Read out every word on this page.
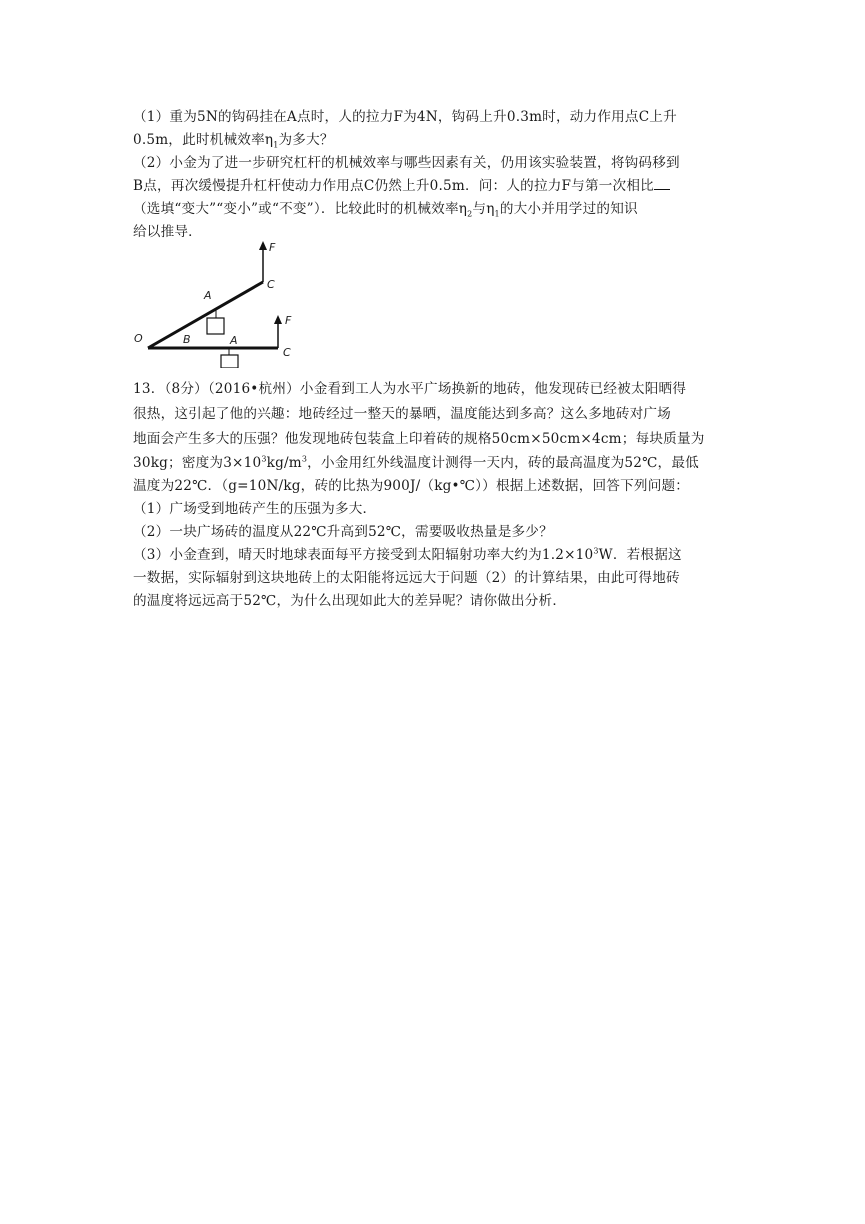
（1）重为5N的钩码挂在A点时，人的拉力F为4N，钩码上升0.3m时，动力作用点C上升
0.5m，此时机械效率$\eta_1$为多大？
（2）小金为了进一步研究杠杆的机械效率与哪些因素有关，仍用该实验装置，将钩码移到
B点，再次缓慢提升杠杆使动力作用点C仍然上升0.5m．问：人的拉力F与第一次相比
（选填“变大”“变小”或“不变”）．比较此时的机械效率$\eta_2$与$\eta_1$的大小并用学过的知识
给以推导．
F
C
A
O	B	A
F
C
13．（8分）（2016•杭州）小金看到工人为水平广场换新的地砖，他发现砖已经被太阳晒得
很热，这引起了他的兴趣：地砖经过一整天的暴晒，温度能达到多高？这么多地砖对广场
地面会产生多大的压强？他发现地砖包装盒上印着砖的规格50cm×50cm×4cm；每块质量为
30kg；密度为$3\times 10^3kg/m^3$，小金用红外线温度计测得一天内，砖的最高温度为52℃，最低
温度为22℃．（g=10N/kg，砖的比热为900J/（kg•℃））根据上述数据，回答下列问题：
（1）广场受到地砖产生的压强为多大．
（2）一块广场砖的温度从22℃升高到52℃，需要吸收热量是多少？
（3）小金查到，晴天时地球表面每平方接受到太阳辐射功率大约为$1.2\times 10^3W$．若根据这
一数据，实际辐射到这块地砖上的太阳能将远远大于问题（2）的计算结果，由此可得地砖
的温度将远远高于52℃，为什么出现如此大的差异呢？请你做出分析．
